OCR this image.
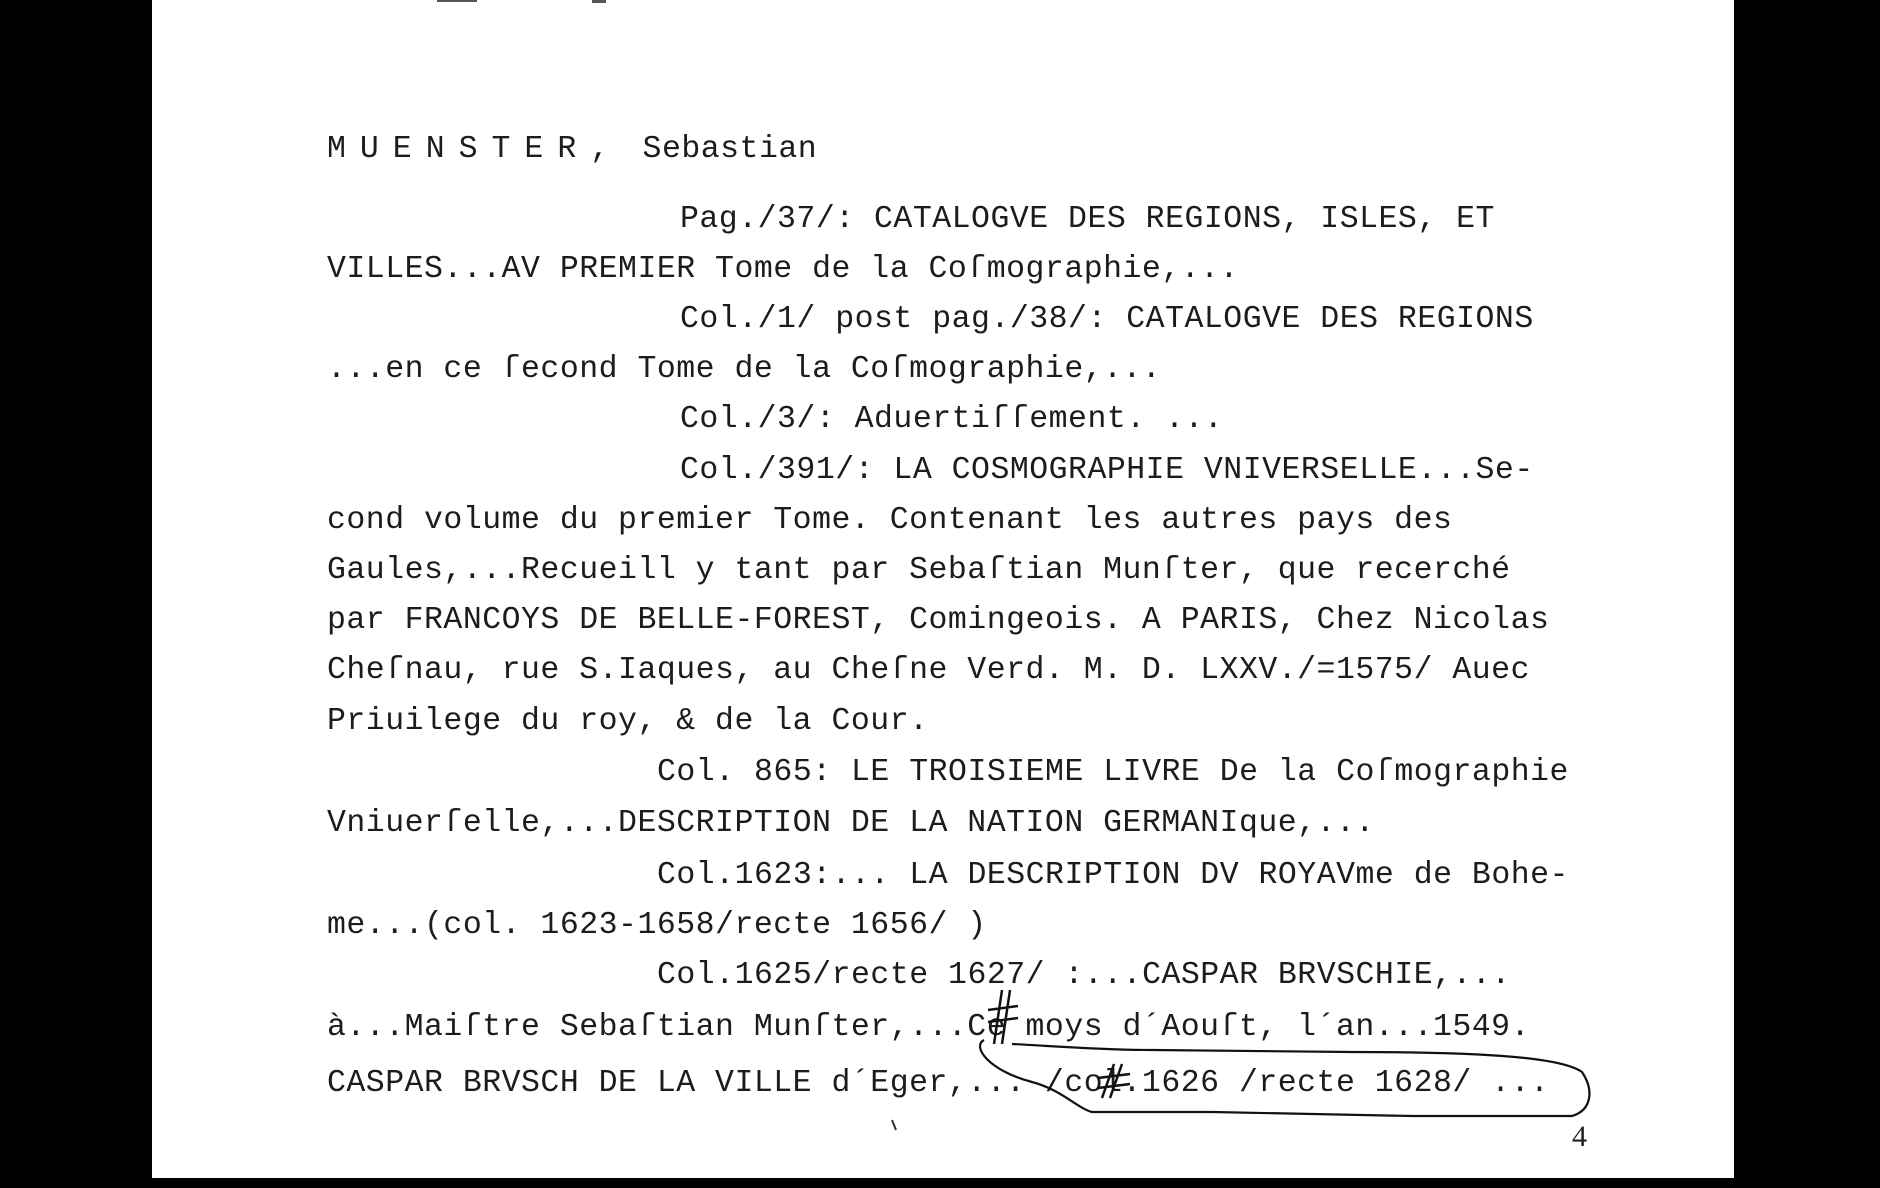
MUENSTER, Sebastian
Pag./37/: CATALOGVE DES REGIONS, ISLES, ET
VILLES...AV PREMIER Tome de la Coſmographie,...
Col./1/ post pag./38/: CATALOGVE DES REGIONS
...en ce ſecond Tome de la Coſmographie,...
Col./3/: Aduertiſſement. ...
Col./391/: LA COSMOGRAPHIE VNIVERSELLE...Se-
cond volume du premier Tome. Contenant les autres pays des
Gaules,...Recueill y tant par Sebaſtian Munſter, que recerché
par FRANCOYS DE BELLE-FOREST, Comingeois. A PARIS, Chez Nicolas
Cheſnau, rue S.Iaques, au Cheſne Verd. M. D. LXXV./=1575/ Auec
Priuilege du roy, & de la Cour.
Col. 865: LE TROISIEME LIVRE De la Coſmographie
Vniuerſelle,...DESCRIPTION DE LA NATION GERMANIque,...
Col.1623:... LA DESCRIPTION DV ROYAVme de Bohe-
me...(col. 1623-1658/recte 1656/ )
Col.1625/recte 1627/ :...CASPAR BRVSCHIE,...
à...Maiſtre Sebaſtian Munſter,...Ce moys d´Aouſt, l´an...1549.
CASPAR BRVSCH DE LA VILLE d´Eger,... /col.1626 /recte 1628/ ...
4
